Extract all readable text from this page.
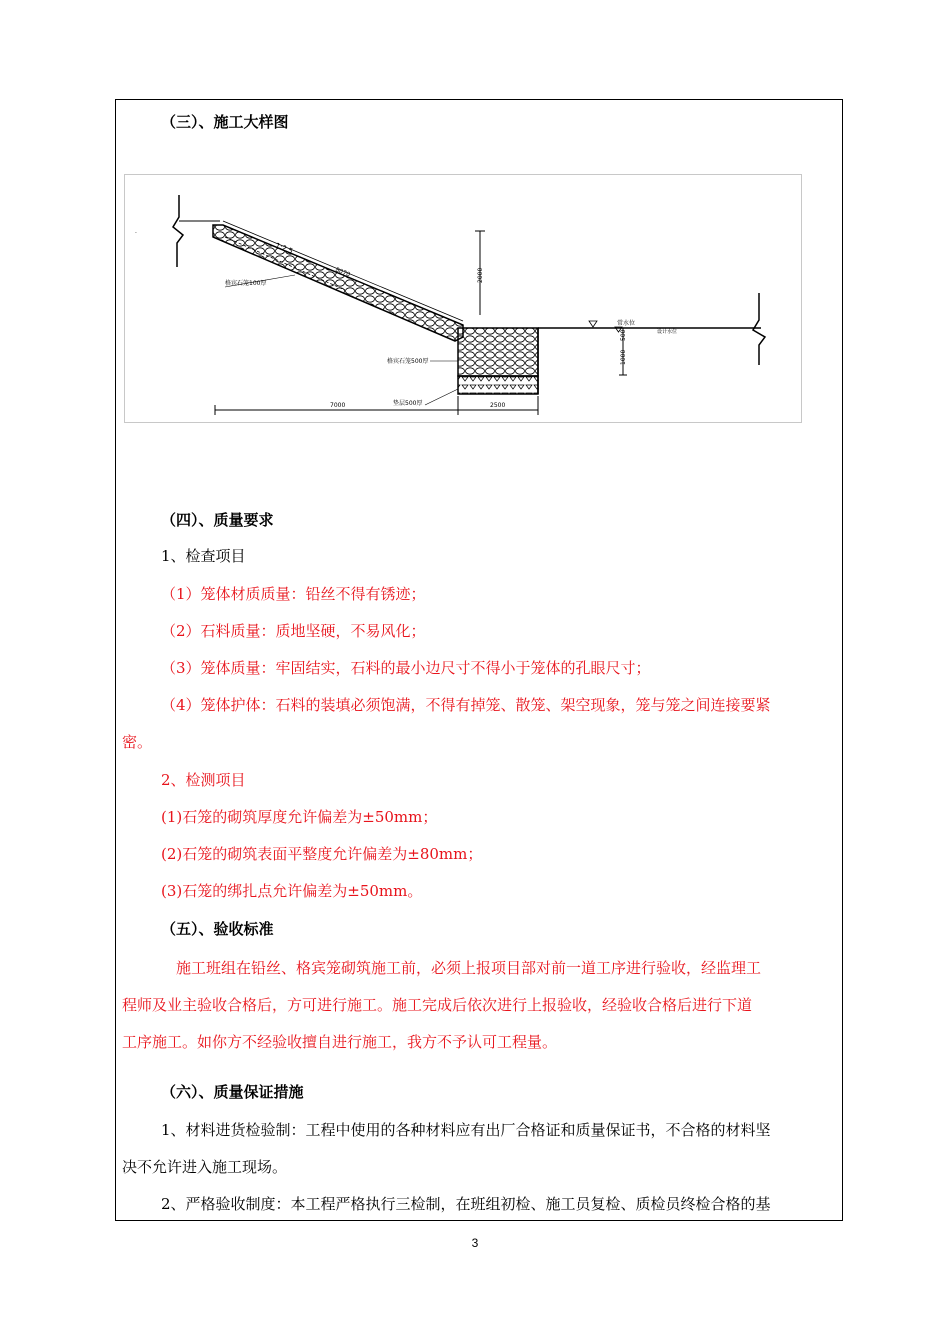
（三）、施工大样图
.
1:2.5
8070
格宾石笼100厚
2000
常水位
设计水位
1000
500
格宾石笼500厚
垫层500厚
7000	2500
（四）、质量要求
1、检查项目
（1）笼体材质质量：铅丝不得有锈迹；
（2）石料质量：质地坚硬，不易风化；
（3）笼体质量：牢固结实，石料的最小边尺寸不得小于笼体的孔眼尺寸；
（4）笼体护体：石料的装填必须饱满，不得有掉笼、散笼、架空现象，笼与笼之间连接要紧
密。
2、检测项目
(1)石笼的砌筑厚度允许偏差为±50mm；
(2)石笼的砌筑表面平整度允许偏差为±80mm；
(3)石笼的绑扎点允许偏差为±50mm。
（五）、验收标准
施工班组在铅丝、格宾笼砌筑施工前，必须上报项目部对前一道工序进行验收，经监理工
程师及业主验收合格后，方可进行施工。施工完成后依次进行上报验收，经验收合格后进行下道
工序施工。如你方不经验收擅自进行施工，我方不予认可工程量。
（六）、质量保证措施
1、材料进货检验制：工程中使用的各种材料应有出厂合格证和质量保证书，不合格的材料坚
决不允许进入施工现场。
2、严格验收制度：本工程严格执行三检制，在班组初检、施工员复检、质检员终检合格的基
3
